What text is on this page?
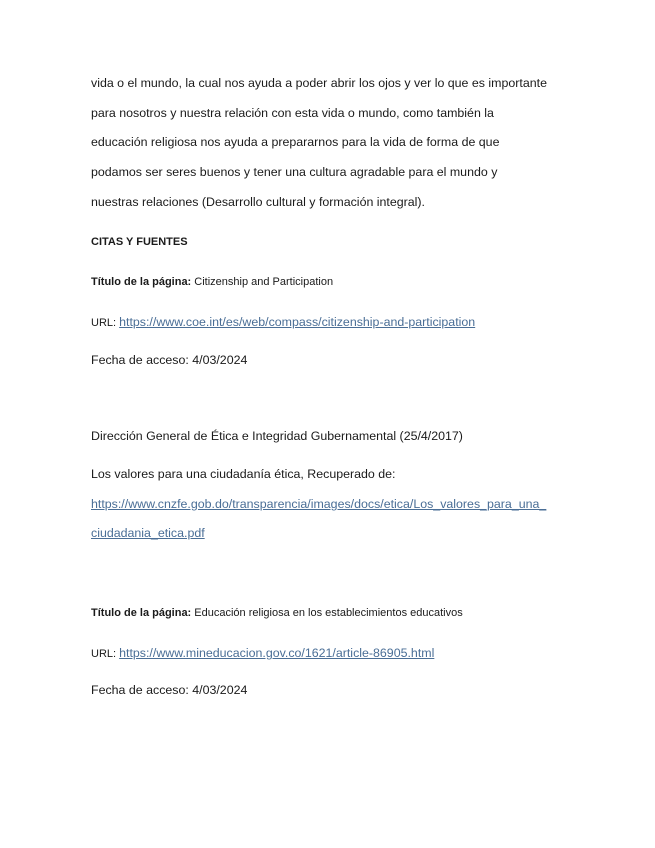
vida o el mundo, la cual nos ayuda a poder abrir los ojos y ver lo que es importante
para nosotros y nuestra relación con esta vida o mundo, como también la
educación religiosa nos ayuda a prepararnos para la vida de forma de que
podamos ser seres buenos y tener una cultura agradable para el mundo y
nuestras relaciones (Desarrollo cultural y formación integral).
CITAS Y FUENTES
Título de la página: Citizenship and Participation
URL: https://www.coe.int/es/web/compass/citizenship-and-participation
Fecha de acceso: 4/03/2024
Dirección General de Ética e Integridad Gubernamental (25/4/2017)
Los valores para una ciudadanía ética, Recuperado de:
https://www.cnzfe.gob.do/transparencia/images/docs/etica/Los_valores_para_una_
ciudadania_etica.pdf
Título de la página: Educación religiosa en los establecimientos educativos
URL: https://www.mineducacion.gov.co/1621/article-86905.html
Fecha de acceso: 4/03/2024
